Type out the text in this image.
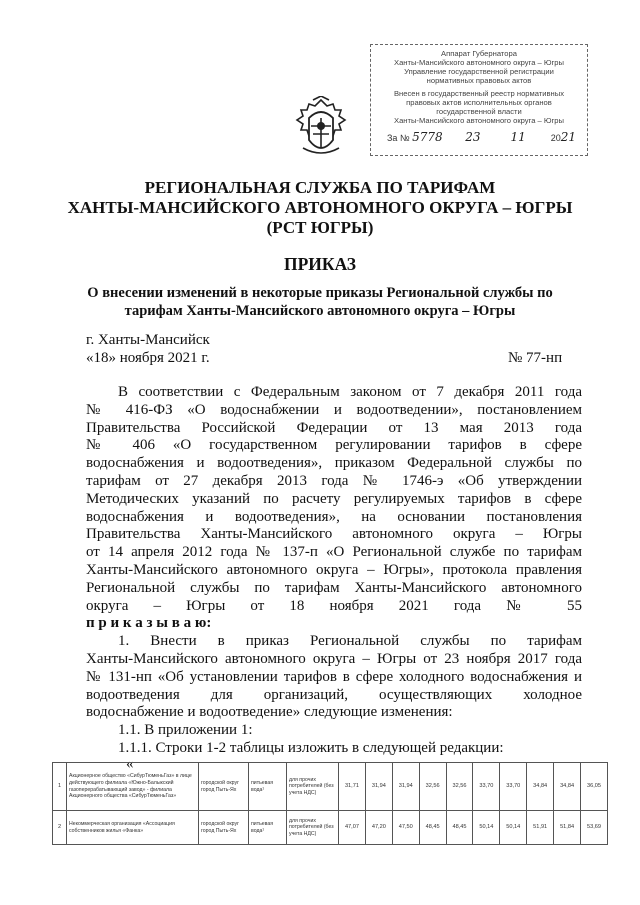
Аппарат Губернатора
Ханты-Мансийского автономного округа – Югры
Управление государственной регистрации
нормативных правовых актов
Внесен в государственный реестр нормативных
правовых актов исполнительных органов
государственной власти
Ханты-Мансийского автономного округа – Югры
За № 5778 23	11	2021
РЕГИОНАЛЬНАЯ СЛУЖБА ПО ТАРИФАМ
ХАНТЫ-МАНСИЙСКОГО АВТОНОМНОГО ОКРУГА – ЮГРЫ
(РСТ ЮГРЫ)
ПРИКАЗ
О внесении изменений в некоторые приказы Региональной службы по
тарифам Ханты-Мансийского автономного округа – Югры
г. Ханты-Мансийск
«18» ноября 2021 г.	№ 77-нп
В соответствии с Федеральным законом от 7 декабря 2011 года
№ 416-ФЗ «О водоснабжении и водоотведении», постановлением
Правительства Российской Федерации от 13 мая 2013 года
№ 406 «О государственном регулировании тарифов в сфере
водоснабжения и водоотведения», приказом Федеральной службы по
тарифам от 27 декабря 2013 года № 1746-э «Об утверждении
Методических указаний по расчету регулируемых тарифов в сфере
водоснабжения и водоотведения», на основании постановления
Правительства Ханты-Мансийского автономного округа – Югры
от 14 апреля 2012 года № 137-п «О Региональной службе по тарифам
Ханты-Мансийского автономного округа – Югры», протокола правления
Региональной службы по тарифам Ханты-Мансийского автономного
округа – Югры от 18 ноября 2021 года № 55
п р и к а з ы в а ю:
1. Внести в приказ Региональной службы по тарифам
Ханты-Мансийского автономного округа – Югры от 23 ноября 2017 года
№ 131-нп «Об установлении тарифов в сфере холодного водоснабжения и
водоотведения для организаций, осуществляющих холодное
водоснабжение и водоотведение» следующие изменения:
1.1. В приложении 1:
1.1.1. Строки 1-2 таблицы изложить в следующей редакции:
«
1	Акционерное общество «СибурТюменьГаз» в лице действующего филиала «Южно-Балыкский газоперерабатывающий завод» - филиала Акционерного общества «СибурТюменьГаз»	городской округ город Пыть-Ях	питьевая вода¹	для прочих потребителей (без учета НДС)	31,71	31,94	31,94	32,56	32,56	33,70	33,70	34,84	34,84	36,05
2	Некоммерческая организация «Ассоциация собственников жилья «Фанка»	городской округ город Пыть-Ях	питьевая вода¹	для прочих потребителей (без учета НДС)	47,07	47,20	47,50	48,45	48,45	50,14	50,14	51,91	51,84	53,69
